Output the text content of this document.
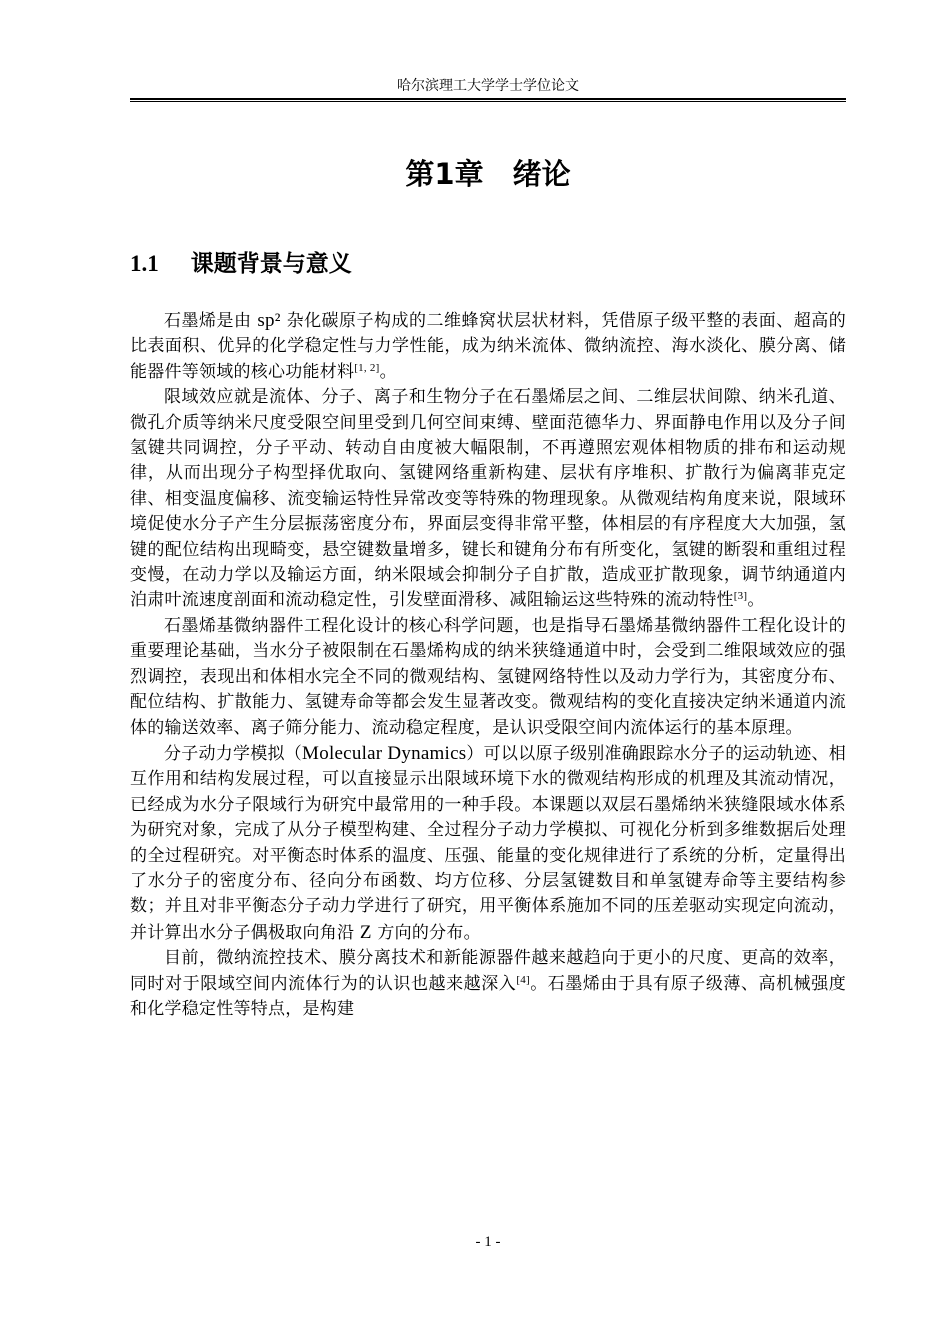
哈尔滨理工大学学士学位论文
第1章　绪论
1.1 课题背景与意义

石墨烯是由 sp² 杂化碳原子构成的二维蜂窝状层状材料，凭借原子级平整的表面、超高的比表面积、优异的化学稳定性与力学性能，成为纳米流体、微纳流控、海水淡化、膜分离、储能器件等领域的核心功能材料[1, 2]。

限域效应就是流体、分子、离子和生物分子在石墨烯层之间、二维层状间隙、纳米孔道、微孔介质等纳米尺度受限空间里受到几何空间束缚、壁面范德华力、界面静电作用以及分子间氢键共同调控，分子平动、转动自由度被大幅限制，不再遵照宏观体相物质的排布和运动规律，从而出现分子构型择优取向、氢键网络重新构建、层状有序堆积、扩散行为偏离菲克定律、相变温度偏移、流变输运特性异常改变等特殊的物理现象。从微观结构角度来说，限域环境促使水分子产生分层振荡密度分布，界面层变得非常平整，体相层的有序程度大大加强，氢键的配位结构出现畸变，悬空键数量增多，键长和键角分布有所变化，氢键的断裂和重组过程变慢，在动力学以及输运方面，纳米限域会抑制分子自扩散，造成亚扩散现象，调节纳通道内泊肃叶流速度剖面和流动稳定性，引发壁面滑移、减阻输运这些特殊的流动特性[3]。

石墨烯基微纳器件工程化设计的核心科学问题，也是指导石墨烯基微纳器件工程化设计的重要理论基础，当水分子被限制在石墨烯构成的纳米狭缝通道中时，会受到二维限域效应的强烈调控，表现出和体相水完全不同的微观结构、氢键网络特性以及动力学行为，其密度分布、配位结构、扩散能力、氢键寿命等都会发生显著改变。微观结构的变化直接决定纳米通道内流体的输送效率、离子筛分能力、流动稳定程度，是认识受限空间内流体运行的基本原理。

分子动力学模拟（Molecular Dynamics）可以以原子级别准确跟踪水分子的运动轨迹、相互作用和结构发展过程，可以直接显示出限域环境下水的微观结构形成的机理及其流动情况，已经成为水分子限域行为研究中最常用的一种手段。本课题以双层石墨烯纳米狭缝限域水体系为研究对象，完成了从分子模型构建、全过程分子动力学模拟、可视化分析到多维数据后处理的全过程研究。对平衡态时体系的温度、压强、能量的变化规律进行了系统的分析，定量得出了水分子的密度分布、径向分布函数、均方位移、分层氢键数目和单氢键寿命等主要结构参数；并且对非平衡态分子动力学进行了研究，用平衡体系施加不同的压差驱动实现定向流动，并计算出水分子偶极取向角沿 Z 方向的分布。

目前，微纳流控技术、膜分离技术和新能源器件越来越趋向于更小的尺度、更高的效率，同时对于限域空间内流体行为的认识也越来越深入[4]。石墨烯由于具有原子级薄、高机械强度和化学稳定性等特点，是构建

- 1 -
